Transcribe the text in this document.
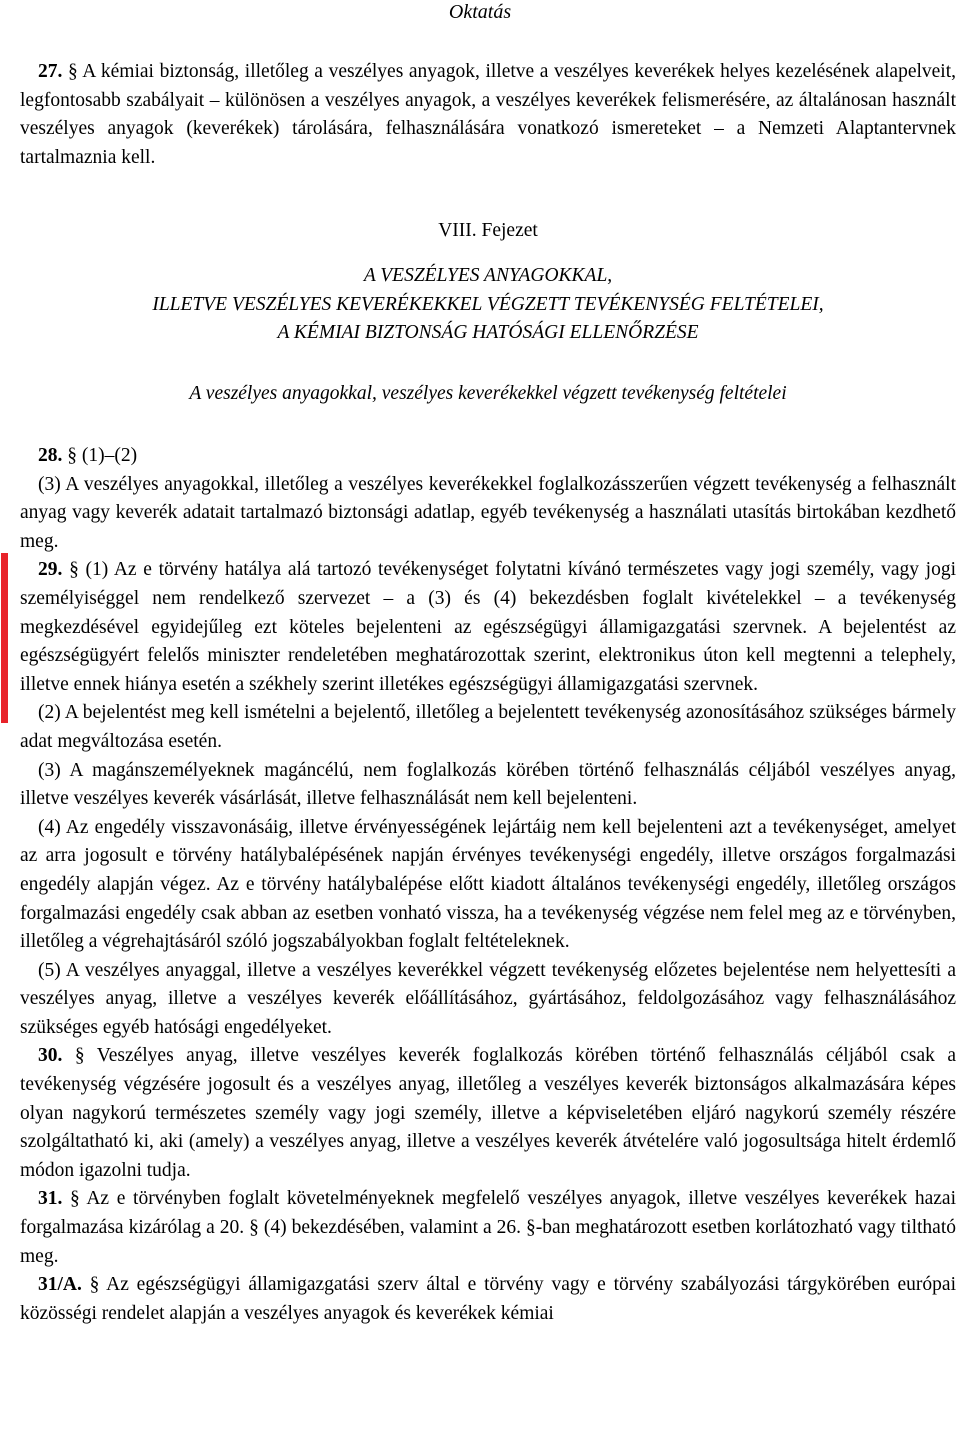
Oktatás

27. § A kémiai biztonság, illetőleg a veszélyes anyagok, illetve a veszélyes keverékek helyes kezelésének alapelveit, legfontosabb szabályait – különösen a veszélyes anyagok, a veszélyes keverékek felismerésére, az általánosan használt veszélyes anyagok (keverékek) tárolására, felhasználására vonatkozó ismereteket – a Nemzeti Alaptantervnek tartalmaznia kell.

VIII. Fejezet

A VESZÉLYES ANYAGOKKAL,

ILLETVE VESZÉLYES KEVERÉKEKKEL VÉGZETT TEVÉKENYSÉG FELTÉTELEI,

A KÉMIAI BIZTONSÁG HATÓSÁGI ELLENŐRZÉSE

A veszélyes anyagokkal, veszélyes keverékekkel végzett tevékenység feltételei

28. § (1)–(2)

(3) A veszélyes anyagokkal, illetőleg a veszélyes keverékekkel foglalkozásszerűen végzett tevékenység a felhasznált anyag vagy keverék adatait tartalmazó biztonsági adatlap, egyéb tevékenység a használati utasítás birtokában kezdhető meg.

29. § (1) Az e törvény hatálya alá tartozó tevékenységet folytatni kívánó természetes vagy jogi személy, vagy jogi személyiséggel nem rendelkező szervezet – a (3) és (4) bekezdésben foglalt kivételekkel – a tevékenység megkezdésével egyidejűleg ezt köteles bejelenteni az egészségügyi államigazgatási szervnek. A bejelentést az egészségügyért felelős miniszter rendeletében meghatározottak szerint, elektronikus úton kell megtenni a telephely, illetve ennek hiánya esetén a székhely szerint illetékes egészségügyi államigazgatási szervnek.

(2) A bejelentést meg kell ismételni a bejelentő, illetőleg a bejelentett tevékenység azonosításához szükséges bármely adat megváltozása esetén.

(3) A magánszemélyeknek magáncélú, nem foglalkozás körében történő felhasználás céljából veszélyes anyag, illetve veszélyes keverék vásárlását, illetve felhasználását nem kell bejelenteni.

(4) Az engedély visszavonásáig, illetve érvényességének lejártáig nem kell bejelenteni azt a tevékenységet, amelyet az arra jogosult e törvény hatálybalépésének napján érvényes tevékenységi engedély, illetve országos forgalmazási engedély alapján végez. Az e törvény hatálybalépése előtt kiadott általános tevékenységi engedély, illetőleg országos forgalmazási engedély csak abban az esetben vonható vissza, ha a tevékenység végzése nem felel meg az e törvényben, illetőleg a végrehajtásáról szóló jogszabályokban foglalt feltételeknek.

(5) A veszélyes anyaggal, illetve a veszélyes keverékkel végzett tevékenység előzetes bejelentése nem helyettesíti a veszélyes anyag, illetve a veszélyes keverék előállításához, gyártásához, feldolgozásához vagy felhasználásához szükséges egyéb hatósági engedélyeket.

30. § Veszélyes anyag, illetve veszélyes keverék foglalkozás körében történő felhasználás céljából csak a tevékenység végzésére jogosult és a veszélyes anyag, illetőleg a veszélyes keverék biztonságos alkalmazására képes olyan nagykorú természetes személy vagy jogi személy, illetve a képviseletében eljáró nagykorú személy részére szolgáltatható ki, aki (amely) a veszélyes anyag, illetve a veszélyes keverék átvételére való jogosultsága hitelt érdemlő módon igazolni tudja.

31. § Az e törvényben foglalt követelményeknek megfelelő veszélyes anyagok, illetve veszélyes keverékek hazai forgalmazása kizárólag a 20. § (4) bekezdésében, valamint a 26. §-ban meghatározott esetben korlátozható vagy tiltható meg.

31/A. § Az egészségügyi államigazgatási szerv által e törvény vagy e törvény szabályozási tárgykörében európai közösségi rendelet alapján a veszélyes anyagok és keverékek kémiai
